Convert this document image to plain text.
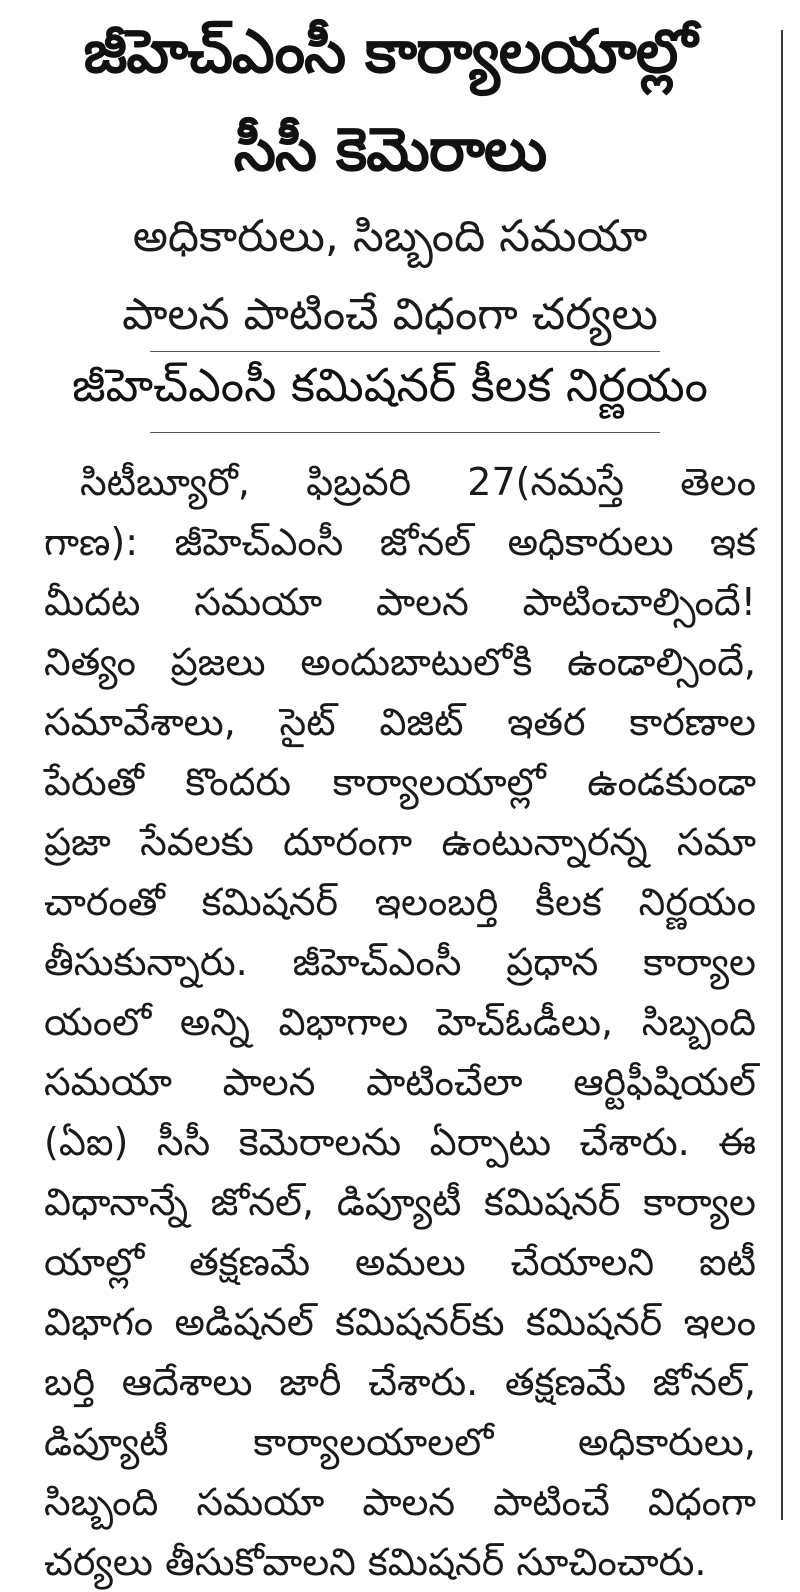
జీహెచ్‌ఎంసీ కార్యాలయాల్లో
సీసీ కెమెరాలు
అధికారులు, సిబ్బంది సమయా
పాలన పాటించే విధంగా చర్యలు
జీహెచ్‌ఎంసీ కమిషనర్ కీలక నిర్ణయం
సిటీబ్యూరో, ఫిబ్రవరి 27(నమస్తే తెలం
గాణ): జీహెచ్‌ఎంసీ జోనల్ అధికారులు ఇక
మీదట సమయా పాలన పాటించాల్సిందే!
నిత్యం ప్రజలు అందుబాటులోకి ఉండాల్సిందే,
సమావేశాలు, సైట్ విజిట్ ఇతర కారణాల
పేరుతో కొందరు కార్యాలయాల్లో ఉండకుండా
ప్రజా సేవలకు దూరంగా ఉంటున్నారన్న సమా
చారంతో కమిషనర్ ఇలంబర్తి కీలక నిర్ణయం
తీసుకున్నారు. జీహెచ్‌ఎంసీ ప్రధాన కార్యాల
యంలో అన్ని విభాగాల హెచ్‌ఓడీలు, సిబ్బంది
సమయా పాలన పాటించేలా ఆర్టిఫీషియల్
(ఏఐ) సీసీ కెమెరాలను ఏర్పాటు చేశారు. ఈ
విధానాన్నే జోనల్, డిప్యూటీ కమిషనర్ కార్యాల
యాల్లో తక్షణమే అమలు చేయాలని ఐటీ
విభాగం అడిషనల్ కమిషనర్‌కు కమిషనర్ ఇలం
బర్తి ఆదేశాలు జారీ చేశారు. తక్షణమే జోనల్,
డిప్యూటీ కార్యాలయాలలో అధికారులు,
సిబ్బంది సమయా పాలన పాటించే విధంగా
చర్యలు తీసుకోవాలని కమిషనర్ సూచించారు.
